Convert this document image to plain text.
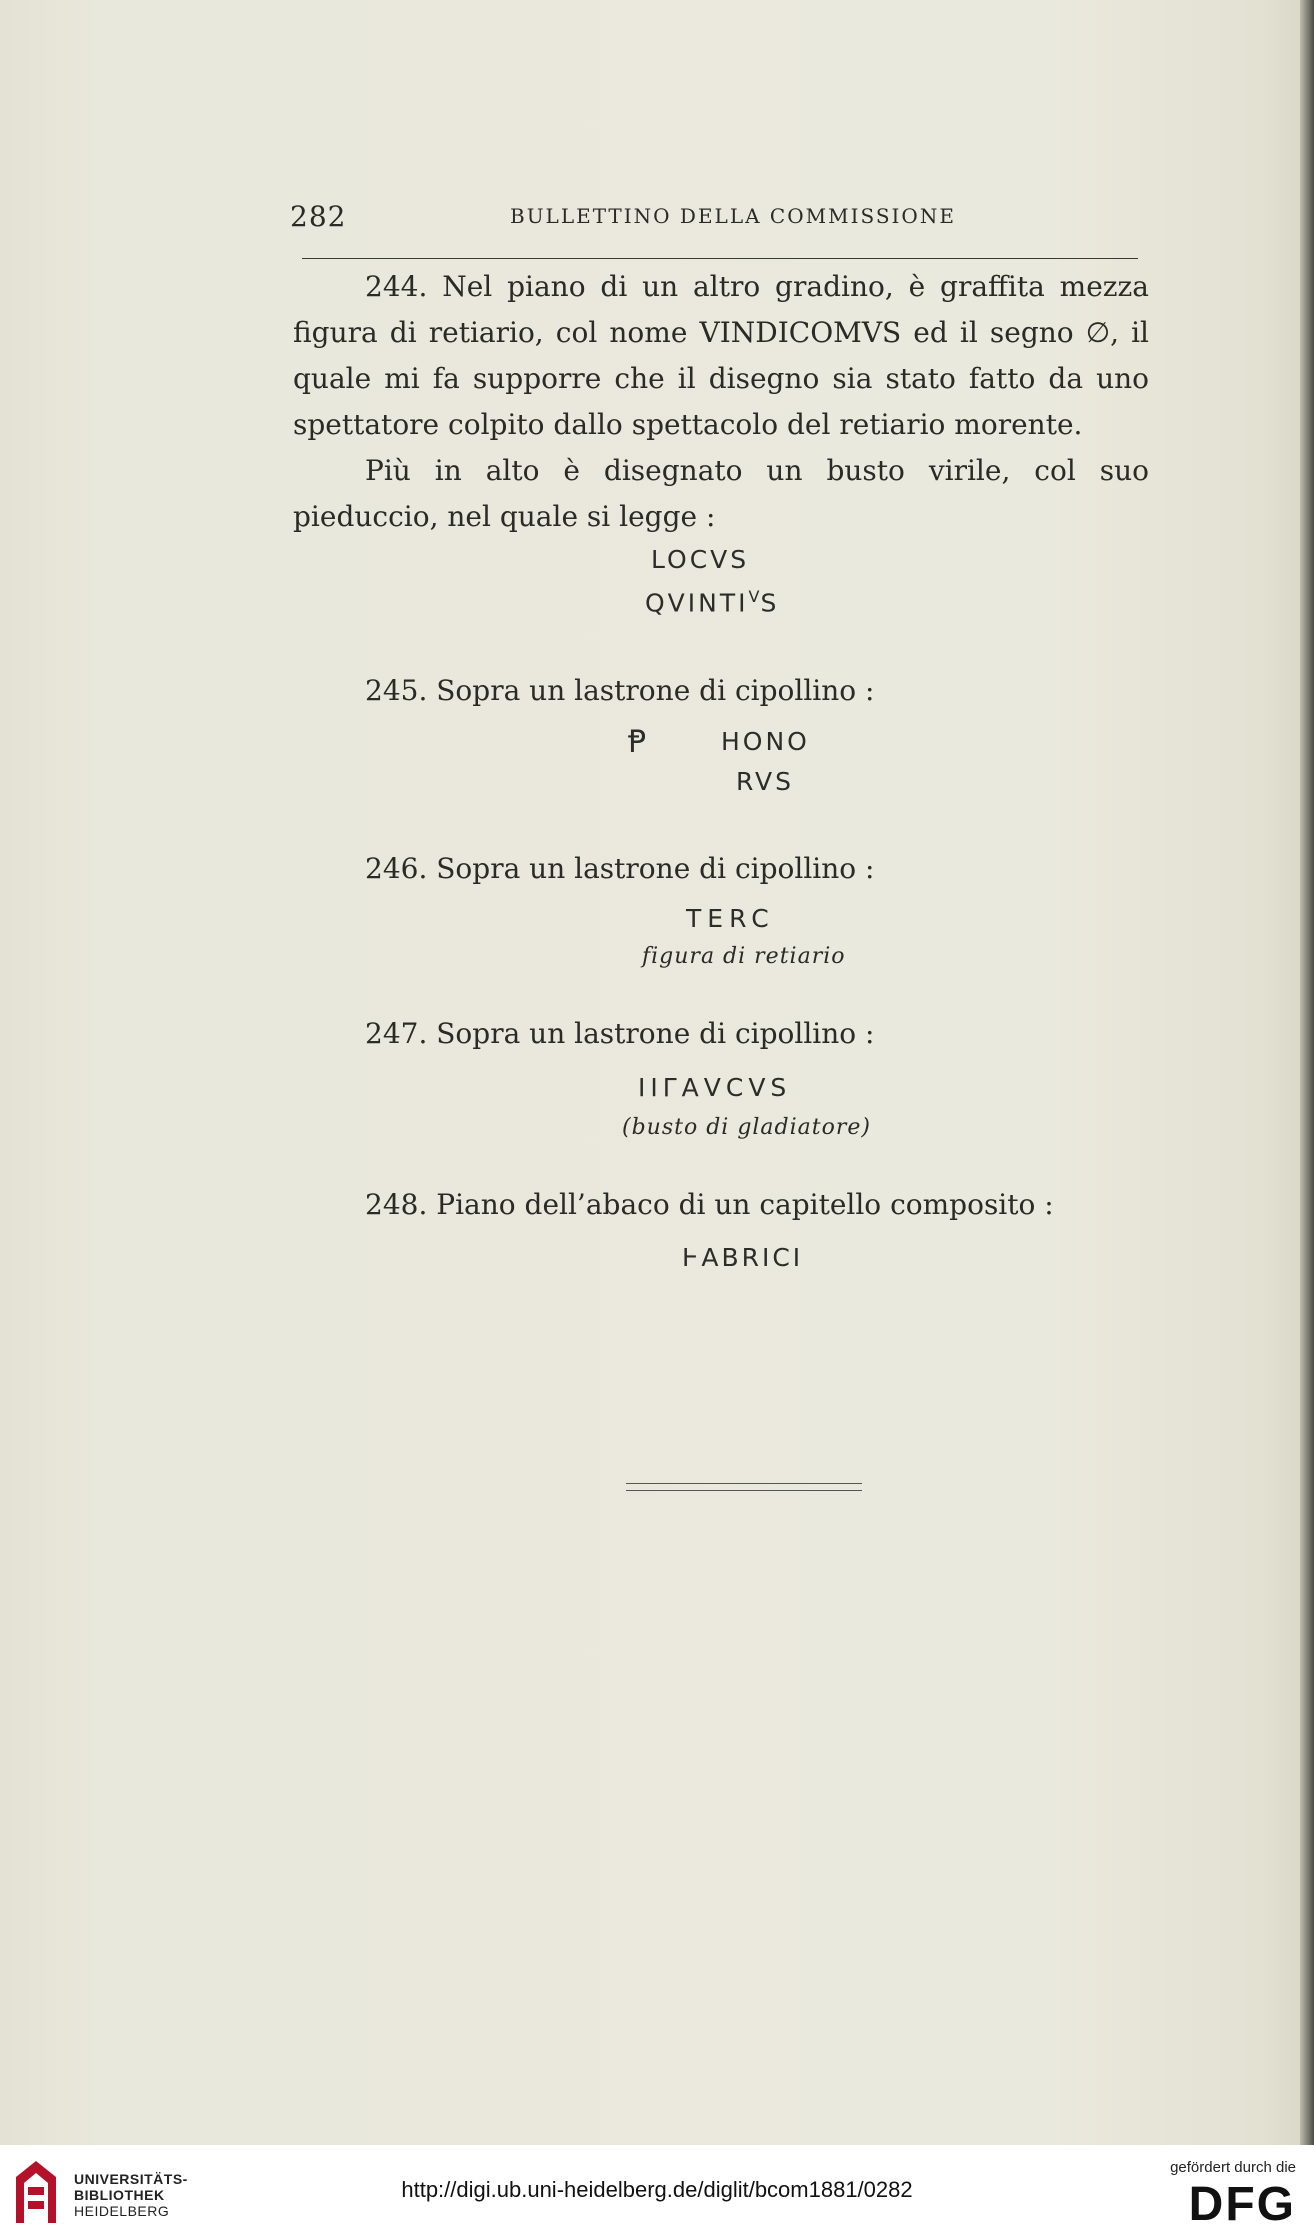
282	BULLETTINO DELLA COMMISSIONE

244. Nel piano di un altro gradino, è graffita mezza figura di retiario, col nome VINDICOMVS ed il segno ∅, il quale mi fa supporre che il disegno sia stato fatto da uno spettatore colpito dallo spettacolo del retiario morente.

Più in alto è disegnato un busto virile, col suo pieduccio, nel quale si legge :

LOCVS
$QVINTI^VS$

245. Sopra un lastrone di cipollino :

Ᵽ	HONO
RVS

246. Sopra un lastrone di cipollino :

TERC
figura di retiario

247. Sopra un lastrone di cipollino :

ΙΙΓΑVCVS
(busto di gladiatore)

248. Piano dell’abaco di un capitello composito :

ⱵABRICI
UNIVERSITÄTS-
BIBLIOTHEK
HEIDELBERG
http://digi.ub.uni-heidelberg.de/diglit/bcom1881/0282
gefördert durch die
DFG
